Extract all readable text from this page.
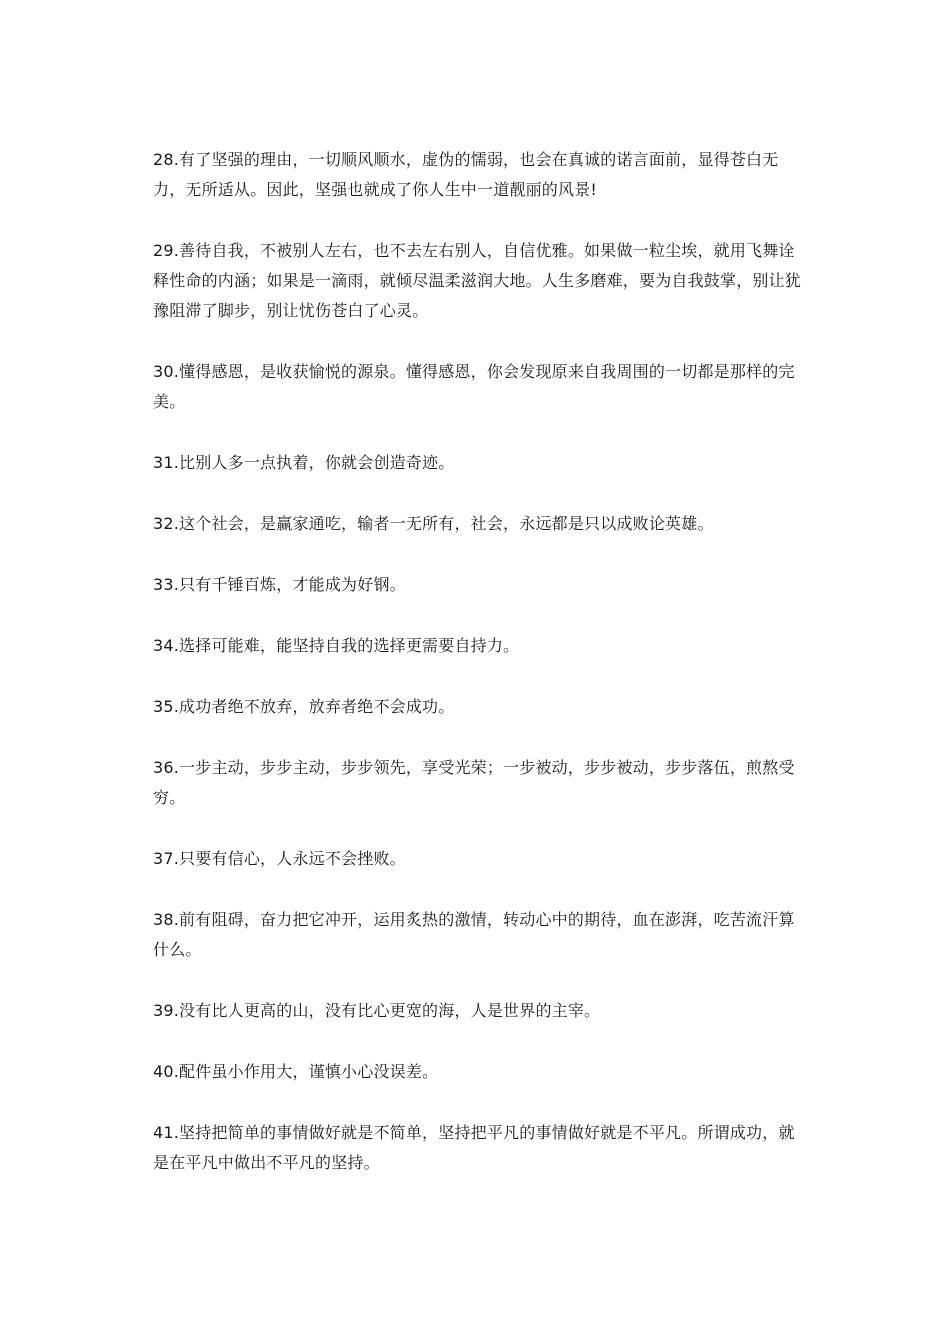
28.有了坚强的理由，一切顺风顺水，虚伪的懦弱，也会在真诚的诺言面前，显得苍白无力，无所适从。因此，坚强也就成了你人生中一道靓丽的风景!

29.善待自我，不被别人左右，也不去左右别人，自信优雅。如果做一粒尘埃，就用飞舞诠释性命的内涵；如果是一滴雨，就倾尽温柔滋润大地。人生多磨难，要为自我鼓掌，别让犹豫阻滞了脚步，别让忧伤苍白了心灵。

30.懂得感恩，是收获愉悦的源泉。懂得感恩，你会发现原来自我周围的一切都是那样的完美。

31.比别人多一点执着，你就会创造奇迹。

32.这个社会，是赢家通吃，输者一无所有，社会，永远都是只以成败论英雄。

33.只有千锤百炼，才能成为好钢。

34.选择可能难，能坚持自我的选择更需要自持力。

35.成功者绝不放弃，放弃者绝不会成功。

36.一步主动，步步主动，步步领先，享受光荣；一步被动，步步被动，步步落伍，煎熬受穷。

37.只要有信心，人永远不会挫败。

38.前有阻碍，奋力把它冲开，运用炙热的激情，转动心中的期待，血在澎湃，吃苦流汗算什么。

39.没有比人更高的山，没有比心更宽的海，人是世界的主宰。

40.配件虽小作用大，谨慎小心没误差。

41.坚持把简单的事情做好就是不简单，坚持把平凡的事情做好就是不平凡。所谓成功，就是在平凡中做出不平凡的坚持。
